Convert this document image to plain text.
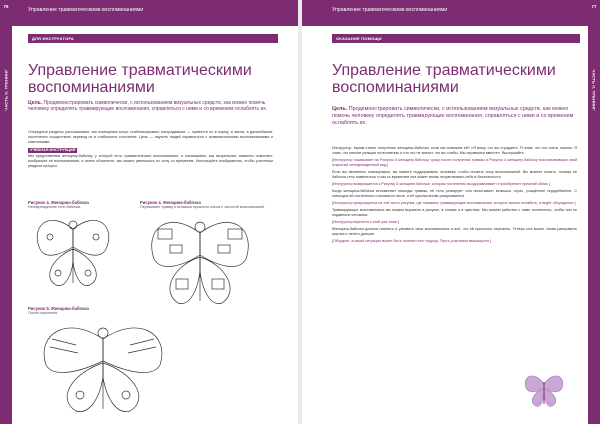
76
ЧАСТЬ II. ТРЕНИНГ
Управление травматическими воспоминаниями
ДЛЯ ИНСТРУКТОРА
Управление травматическими воспоминаниями
Цель. Продемонстрировать символически, с использованием визуальных средств, как можно помочь человеку определять травмирующие воспоминания, справляться с ними и со временем ослаблять их.

Очередные разделы рассказывают, как помощники могут стабилизировать пострадавших — привести их в норму, и затем, в дальнейшем, постепенно осуществить перевод их в стабильное состояние. Цель — научить людей справляться с травматическими воспоминаниями и симптомами.

УЧЕБНАЯ ИНСТРУКЦИЯ

Мы представляем женщину-бабочку, у которой есть травматические воспоминания, и показываем, как визуальные символы помогают: изобразите её воспоминания, а затем объясните, как можно уменьшать их силу со временем. Используйте изображения, чтобы участники увидели процесс.

Рисунок 4. Женщина-бабочка
Неповрежденное тело бабочки.
Рисунок 4. Женщина-бабочка
Переживает травму и вспышки прошлого опыта с частотой воспоминаний.
Рисунок 5. Женщина-бабочка
После исцеления.
77
ЧАСТЬ II. ТРЕНИНГ
Управление травматическими воспоминаниями
ОКАЗАНИЕ ПОМОЩИ
Управление травматическими воспоминаниями
Цель. Продемонстрировать символически, с использованием визуальных средств, как можно помочь человеку определять травмирующие воспоминания, справляться с ними и со временем ослаблять их.

Инструктор. Каким станет получение женщины-бабочки, если мы поможем ей? «Я вижу, что вы страдаете. Я знаю, что это очень тяжело. Я знаю, что многие реакции естественны и что это не значит, что вы слабы. Мы справимся вместе». Выслушайте.

[Инструктор показывает на Рисунок 5 женщину-бабочку, сразу после получения травмы и Рисунок 4 женщину-бабочку восстановившую свой открытый неповрежденный вид.]

Если вы являетесь помощником, вы можете поддерживать человека, чтобы снизить силу воспоминаний. Вы можете понять, почему её бабочка-тело изменилось и как со временем она может вновь почувствовать себя в безопасности.

[Инструктор возвращается к Рисунку 5 женщине-бабочке, которая постепенно выздоравливает и приобретает прежний облик.]

Когда женщина-бабочка вспоминает эпизоды травмы, её тело реагирует: она испытывает вспышки, страх, учащённое сердцебиение. С помощью ей постепенно становится легче, и её крылья вновь раскрываются.

[Инструктор фокусируется на той части рисунка, где показаны травмирующие воспоминания, которые можно ослабить, и ведёт обсуждение.]

Травмирующие воспоминания мы можем выразить в рисунке, в словах и в чувствах. Мы можем работать с ними постепенно, чтобы они не подавляли человека.

[Инструктор вернется к этой уже теме.]

Женщина-бабочка должна помнить и узнавать свои воспоминания и всё, что ей пришлось пережить. Теперь она может снова расправить крылья и лететь дальше.

[Обсудите, в какой ситуации может быть полезен этот подход. Пусть участники выскажутся.]
